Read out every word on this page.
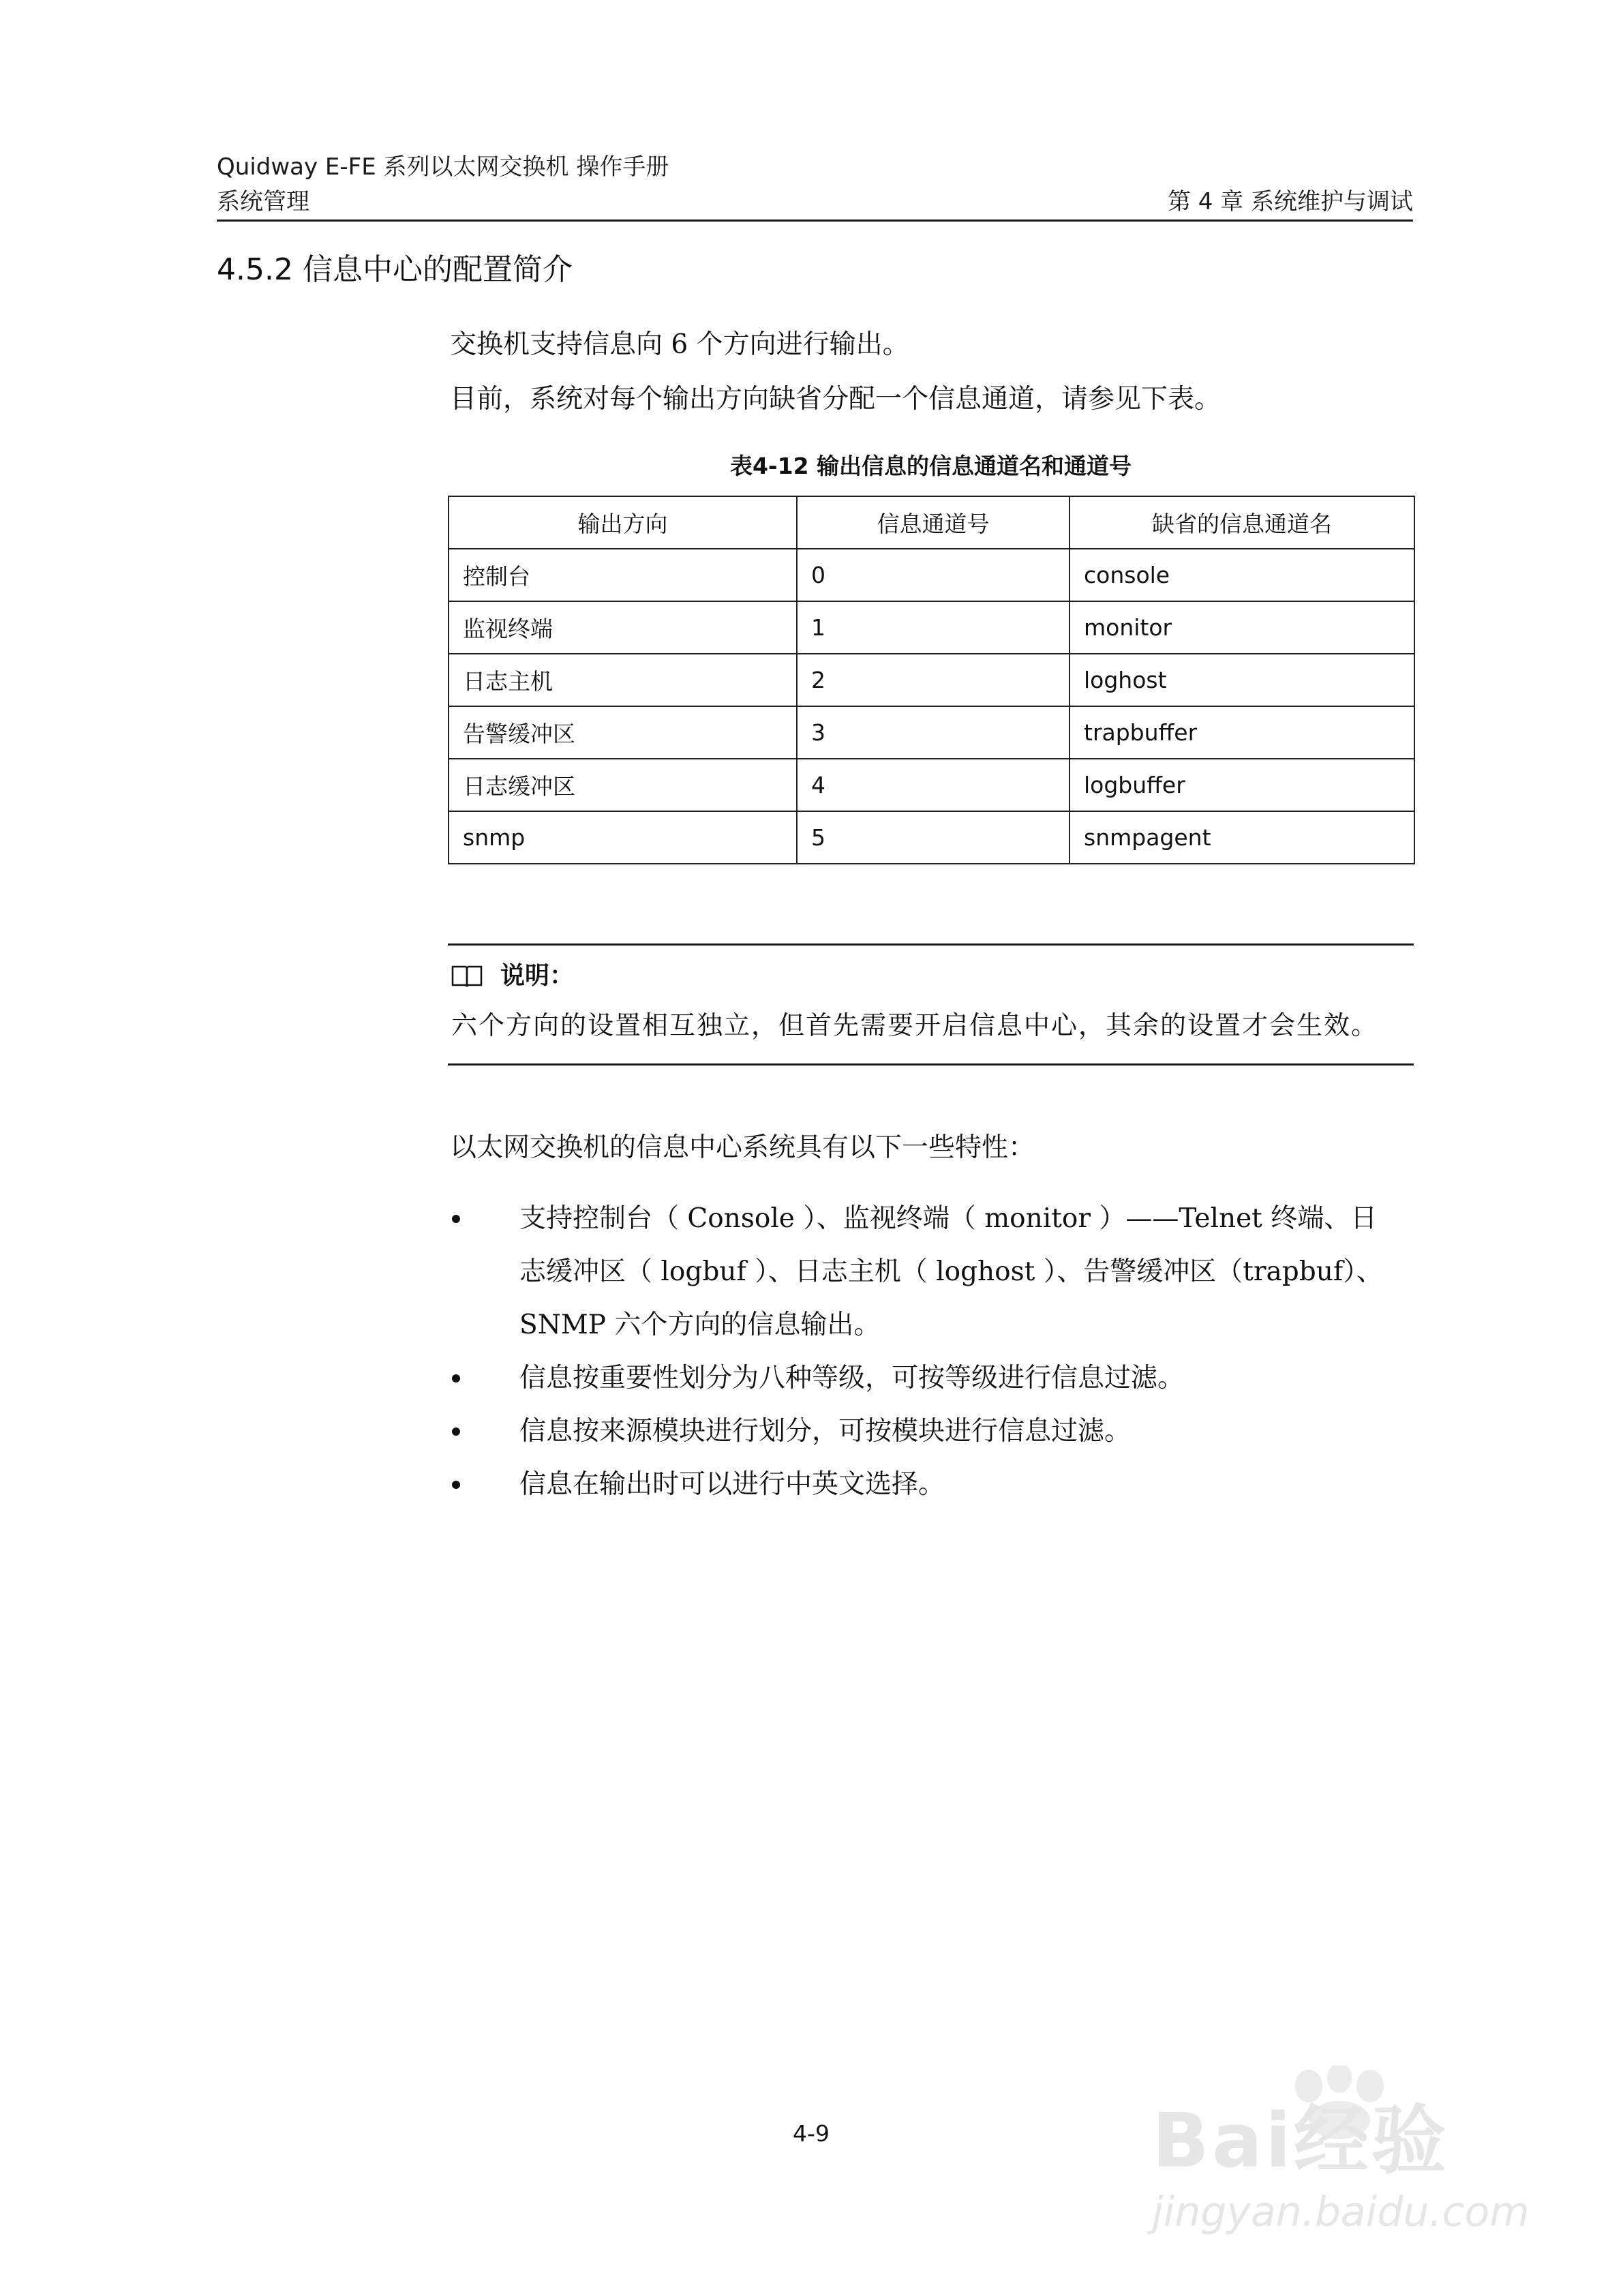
Quidway E-FE 系列以太网交换机 操作手册
系统管理	第 4 章 系统维护与调试
4.5.2 信息中心的配置简介
交换机支持信息向 6 个方向进行输出。
目前，系统对每个输出方向缺省分配一个信息通道，请参见下表。
表4-12 输出信息的信息通道名和通道号
输出方向	信息通道号	缺省的信息通道名
控制台	0	console
监视终端	1	monitor
日志主机	2	loghost
告警缓冲区	3	trapbuffer
日志缓冲区	4	logbuffer
snmp	5	snmpagent
说明：
六个方向的设置相互独立，但首先需要开启信息中心，其余的设置才会生效。
以太网交换机的信息中心系统具有以下一些特性：
支持控制台（ Console ）、监视终端（ monitor ）——Telnet 终端、日
志缓冲区（ logbuf ）、日志主机（ loghost ）、告警缓冲区（trapbuf）、
SNMP 六个方向的信息输出。
信息按重要性划分为八种等级，可按等级进行信息过滤。
信息按来源模块进行划分，可按模块进行信息过滤。
信息在输出时可以进行中英文选择。
4-9	Bai经验
jingyan.baidu.com
